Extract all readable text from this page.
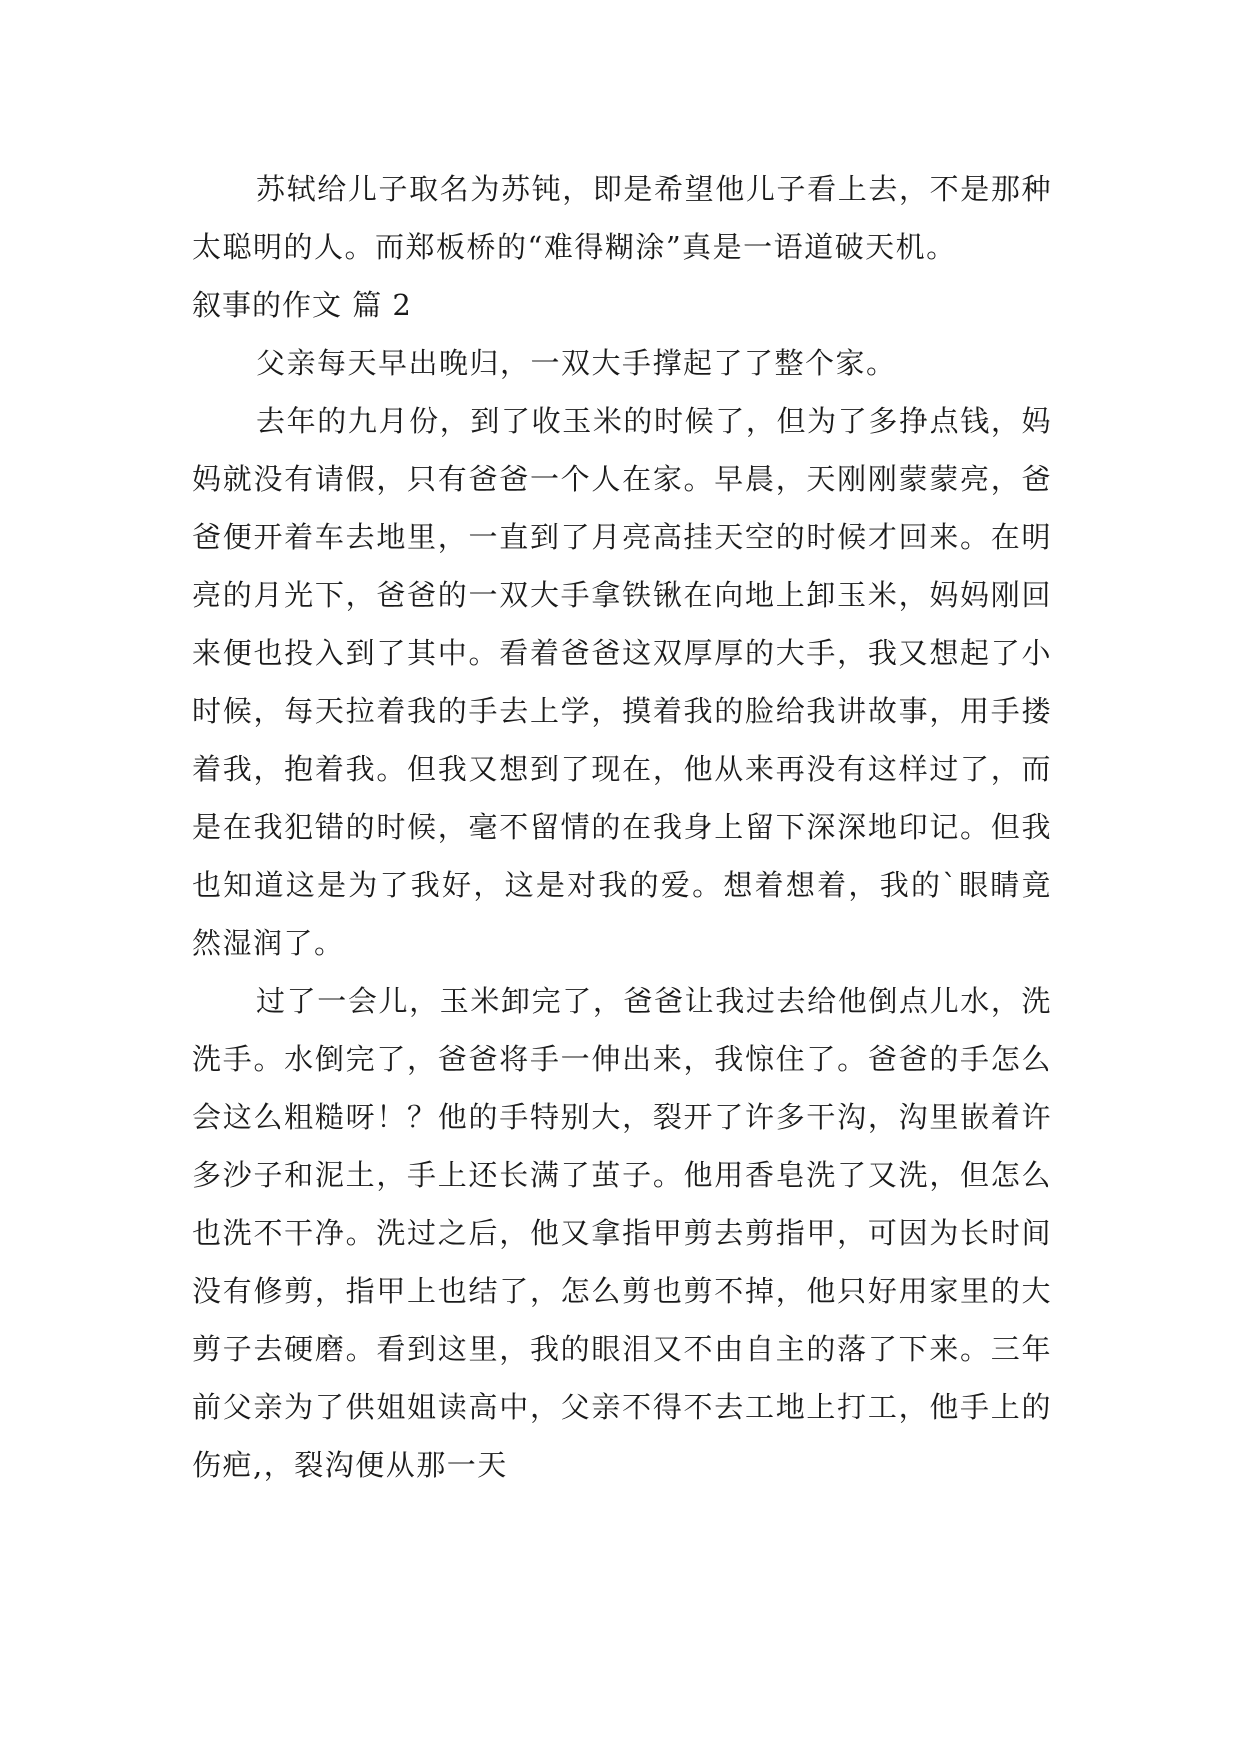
苏轼给儿子取名为苏钝，即是希望他儿子看上去，不是那种太聪明的人。而郑板桥的“难得糊涂”真是一语道破天机。

叙事的作文 篇 2

父亲每天早出晚归，一双大手撑起了了整个家。

去年的九月份，到了收玉米的时候了，但为了多挣点钱，妈妈就没有请假，只有爸爸一个人在家。早晨，天刚刚蒙蒙亮，爸爸便开着车去地里，一直到了月亮高挂天空的时候才回来。在明亮的月光下，爸爸的一双大手拿铁锹在向地上卸玉米，妈妈刚回来便也投入到了其中。看着爸爸这双厚厚的大手，我又想起了小时候，每天拉着我的手去上学，摸着我的脸给我讲故事，用手搂着我，抱着我。但我又想到了现在，他从来再没有这样过了，而是在我犯错的时候，毫不留情的在我身上留下深深地印记。但我也知道这是为了我好，这是对我的爱。想着想着，我的`眼睛竟然湿润了。

过了一会儿，玉米卸完了，爸爸让我过去给他倒点儿水，洗洗手。水倒完了，爸爸将手一伸出来，我惊住了。爸爸的手怎么会这么粗糙呀！？他的手特别大，裂开了许多干沟，沟里嵌着许多沙子和泥土，手上还长满了茧子。他用香皂洗了又洗，但怎么也洗不干净。洗过之后，他又拿指甲剪去剪指甲，可因为长时间没有修剪，指甲上也结了，怎么剪也剪不掉，他只好用家里的大剪子去硬磨。看到这里，我的眼泪又不由自主的落了下来。三年前父亲为了供姐姐读高中，父亲不得不去工地上打工，他手上的伤疤,，裂沟便从那一天
